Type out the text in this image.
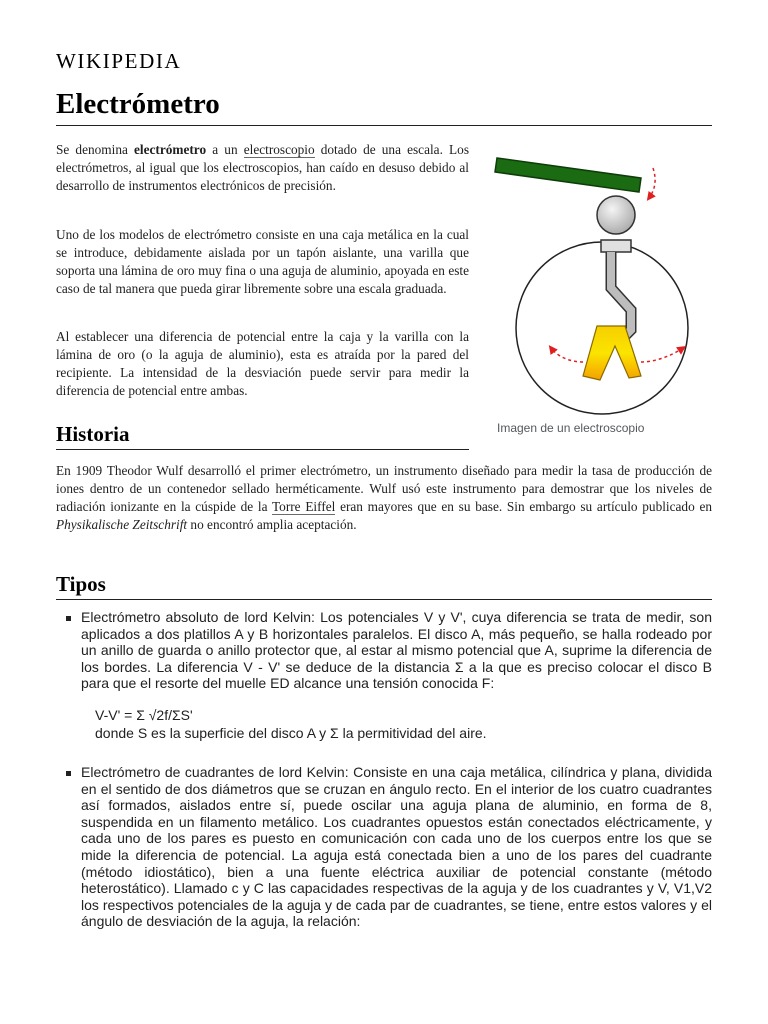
WIKIPEDIA
Electrómetro

Se denomina electrómetro a un electroscopio dotado de una escala. Los electrómetros, al igual que los electroscopios, han caído en desuso debido al desarrollo de instrumentos electrónicos de precisión.

Uno de los modelos de electrómetro consiste en una caja metálica en la cual se introduce, debidamente aislada por un tapón aislante, una varilla que soporta una lámina de oro muy fina o una aguja de aluminio, apoyada en este caso de tal manera que pueda girar libremente sobre una escala graduada.

Al establecer una diferencia de potencial entre la caja y la varilla con la lámina de oro (o la aguja de aluminio), esta es atraída por la pared del recipiente. La intensidad de la desviación puede servir para medir la diferencia de potencial entre ambas.

Imagen de un electroscopio

Historia

En 1909 Theodor Wulf desarrolló el primer electrómetro, un instrumento diseñado para medir la tasa de producción de iones dentro de un contenedor sellado herméticamente. Wulf usó este instrumento para demostrar que los niveles de radiación ionizante en la cúspide de la Torre Eiffel eran mayores que en su base. Sin embargo su artículo publicado en Physikalische Zeitschrift no encontró amplia aceptación.

Tipos
Electrómetro absoluto de lord Kelvin: Los potenciales V y V', cuya diferencia se trata de medir, son aplicados a dos platillos A y B horizontales paralelos. El disco A, más pequeño, se halla rodeado por un anillo de guarda o anillo protector que, al estar al mismo potencial que A, suprime la diferencia de los bordes. La diferencia V - V' se deduce de la distancia Σ a la que es preciso colocar el disco B para que el resorte del muelle ED alcance una tensión conocida F:
V-V' = Σ √2f/ΣS'
donde S es la superficie del disco A y Σ la permitividad del aire.
Electrómetro de cuadrantes de lord Kelvin: Consiste en una caja metálica, cilíndrica y plana, dividida en el sentido de dos diámetros que se cruzan en ángulo recto. En el interior de los cuatro cuadrantes así formados, aislados entre sí, puede oscilar una aguja plana de aluminio, en forma de 8, suspendida en un filamento metálico. Los cuadrantes opuestos están conectados eléctricamente, y cada uno de los pares es puesto en comunicación con cada uno de los cuerpos entre los que se mide la diferencia de potencial. La aguja está conectada bien a uno de los pares del cuadrante (método idiostático), bien a una fuente eléctrica auxiliar de potencial constante (método heterostático). Llamado c y C las capacidades respectivas de la aguja y de los cuadrantes y V, V1,V2 los respectivos potenciales de la aguja y de cada par de cuadrantes, se tiene, entre estos valores y el ángulo de desviación de la aguja, la relación:
